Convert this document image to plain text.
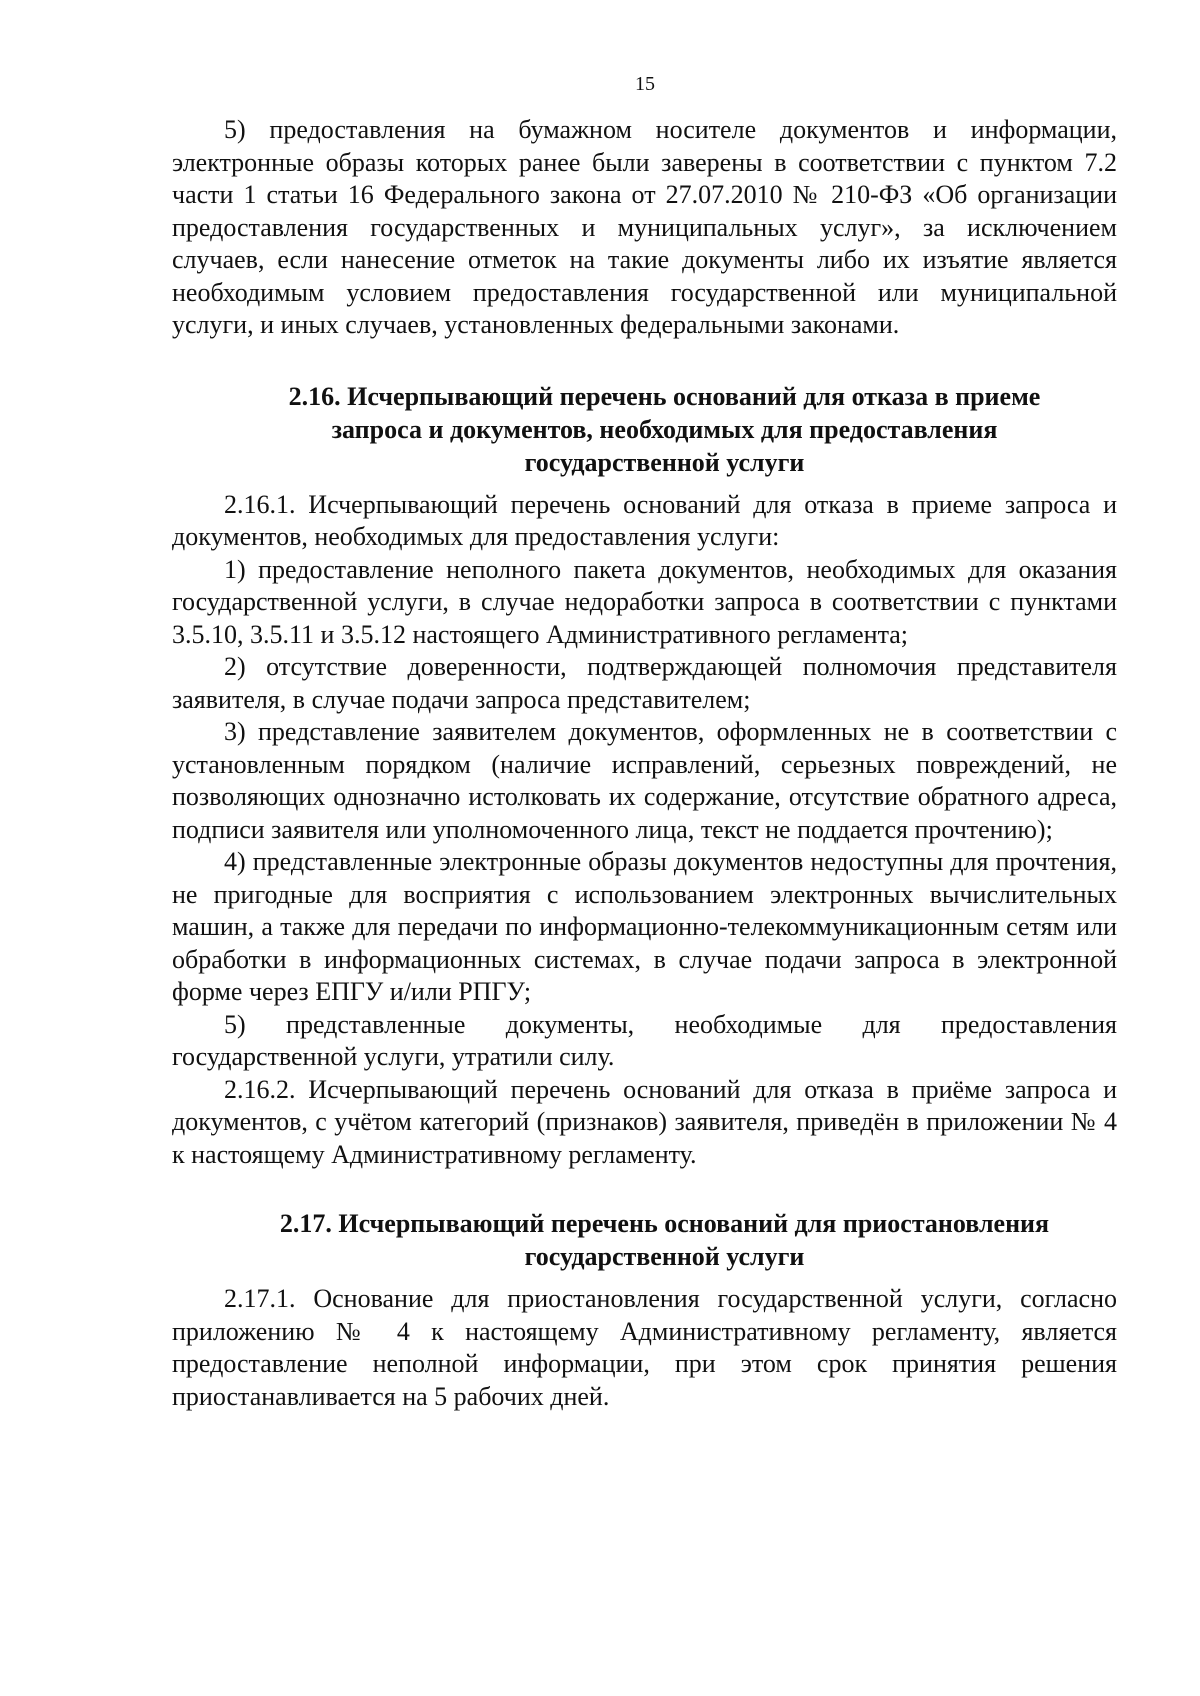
15

5) предоставления на бумажном носителе документов и информации, электронные образы которых ранее были заверены в соответствии с пунктом 7.2 части 1 статьи 16 Федерального закона от 27.07.2010 № 210-ФЗ «Об организации предоставления государственных и муниципальных услуг», за исключением случаев, если нанесение отметок на такие документы либо их изъятие является необходимым условием предоставления государственной или муниципальной услуги, и иных случаев, установленных федеральными законами.

2.16. Исчерпывающий перечень оснований для отказа в приеме
запроса и документов, необходимых для предоставления
государственной услуги

2.16.1. Исчерпывающий перечень оснований для отказа в приеме запроса и документов, необходимых для предоставления услуги:

1) предоставление неполного пакета документов, необходимых для оказания государственной услуги, в случае недоработки запроса в соответствии с пунктами 3.5.10, 3.5.11 и 3.5.12 настоящего Административного регламента;

2) отсутствие доверенности, подтверждающей полномочия представителя заявителя, в случае подачи запроса представителем;

3) представление заявителем документов, оформленных не в соответствии с установленным порядком (наличие исправлений, серьезных повреждений, не позволяющих однозначно истолковать их содержание, отсутствие обратного адреса, подписи заявителя или уполномоченного лица, текст не поддается прочтению);

4) представленные электронные образы документов недоступны для прочтения, не пригодные для восприятия с использованием электронных вычислительных машин, а также для передачи по информационно-телекоммуникационным сетям или обработки в информационных системах, в случае подачи запроса в электронной форме через ЕПГУ и/или РПГУ;

5) представленные документы, необходимые для предоставления государственной услуги, утратили силу.

2.16.2. Исчерпывающий перечень оснований для отказа в приёме запроса и документов, с учётом категорий (признаков) заявителя, приведён в приложении № 4 к настоящему Административному регламенту.

2.17. Исчерпывающий перечень оснований для приостановления
государственной услуги

2.17.1. Основание для приостановления государственной услуги, согласно приложению № 4 к настоящему Административному регламенту, является предоставление неполной информации, при этом срок принятия решения приостанавливается на 5 рабочих дней.
